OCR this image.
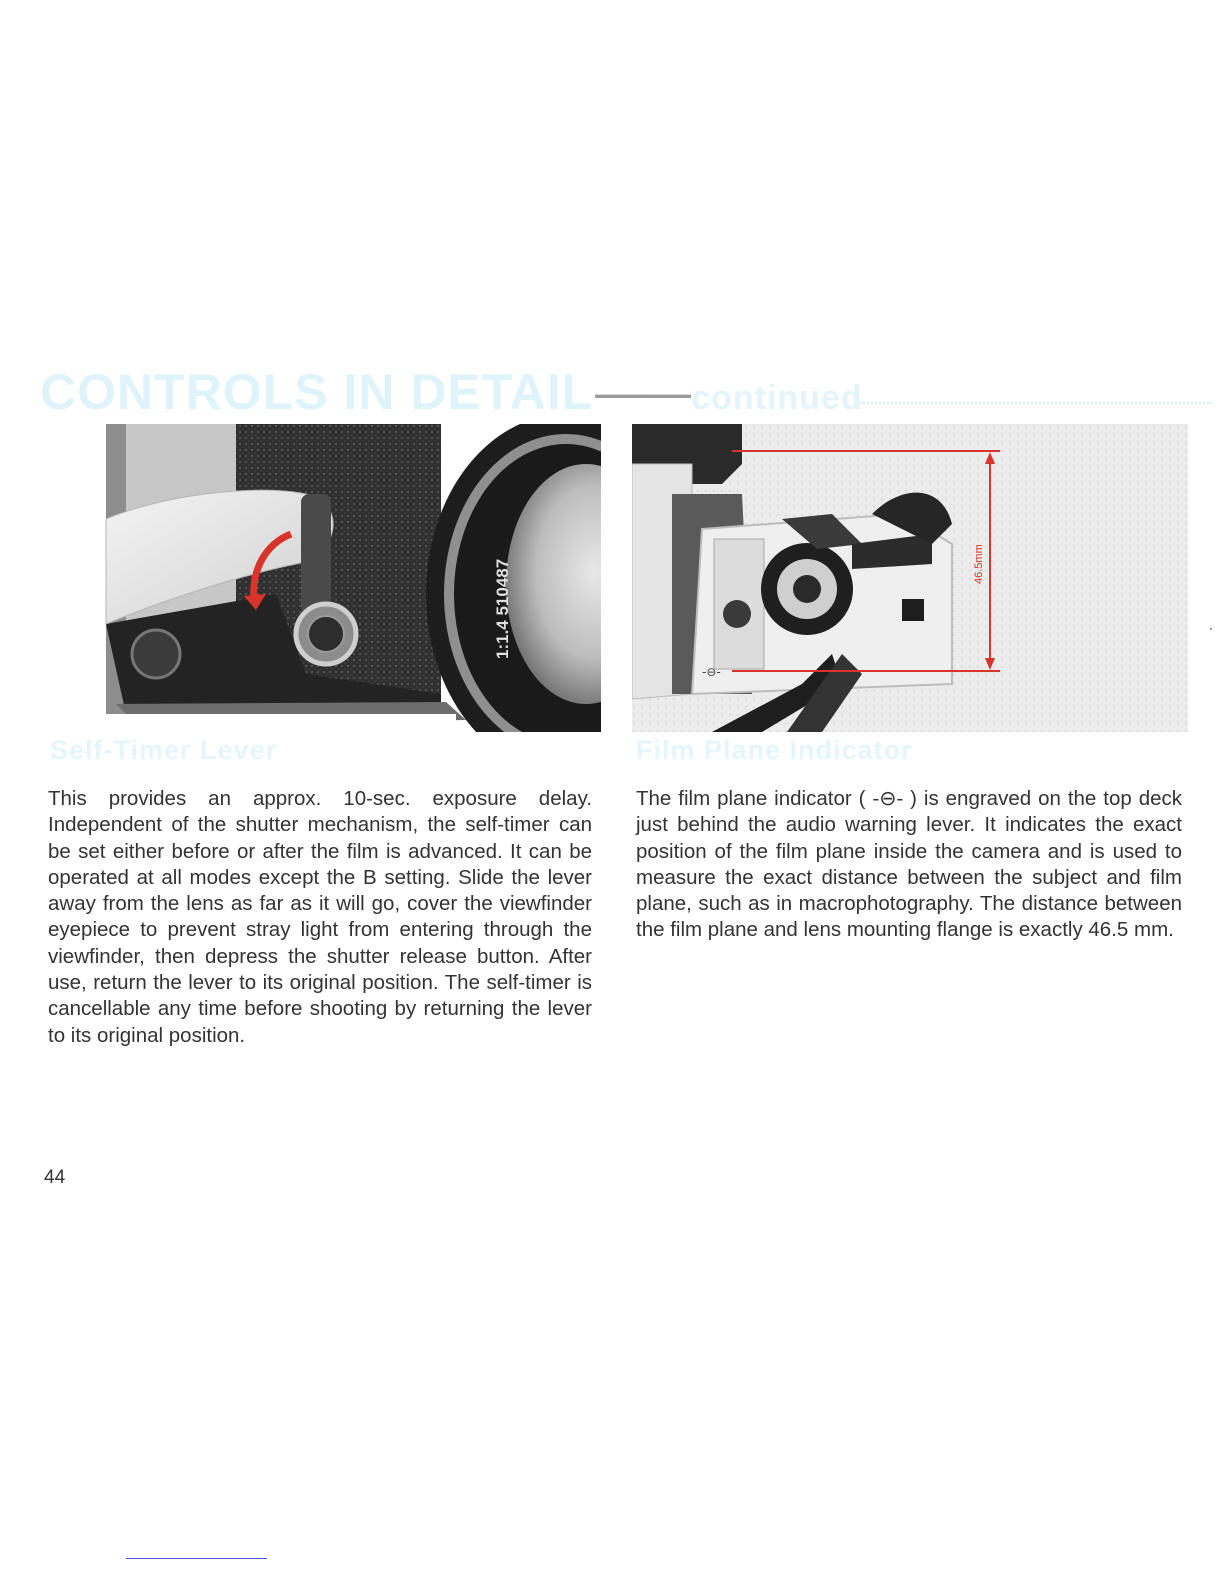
CONTROLS IN DETAIL—— continued
1:1.4 510487
-⊖-
46.5mm
Self-Timer Lever	Film Plane Indicator
This provides an approx. 10-sec. exposure delay. Independent of the shutter mechanism, the self-timer can be set either before or after the film is advanced. It can be operated at all modes except the B setting. Slide the lever away from the lens as far as it will go, cover the viewfinder eyepiece to prevent stray light from entering through the viewfinder, then depress the shutter release button. After use, return the lever to its original position. The self-timer is cancellable any time before shooting by returning the lever to its original position.
The film plane indicator ( -⊖- ) is engraved on the top deck just behind the audio warning lever. It indicates the exact position of the film plane inside the camera and is used to measure the exact distance between the subject and film plane, such as in macrophotography. The distance between the film plane and lens mounting flange is exactly 46.5 mm.
44
